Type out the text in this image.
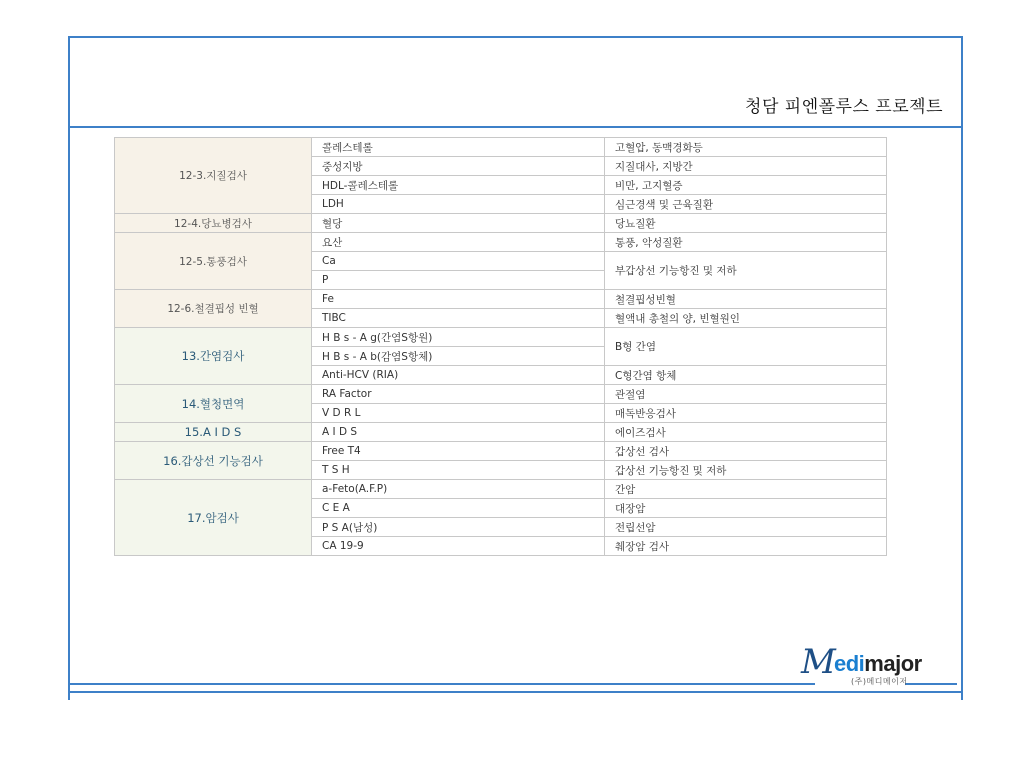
청담 피엔폴루스 프로젝트
M
edimajor
(주)메디메이저
12-3.지질검사	콜레스테롤	고혈압, 동맥경화등
	중성지방	지질대사, 지방간
	HDL-콜레스테롤	비만, 고지혈증
	LDH	심근경색 및 근육질환
12-4.당뇨병검사	혈당	당뇨질환
12-5.통풍검사	요산	통풍, 악성질환
	Ca	부갑상선 기능항진 및 저하
	P	
12-6.철결핍성 빈혈	Fe	철결핍성빈혈
	TIBC	혈액내 총철의 양, 빈혈원인
13.간염검사	H B s - A g(간염S항원)	B형 간염
	H B s - A b(감염S항체)	
	Anti-HCV (RIA)	C형간염 항체
14.혈청면역	RA Factor	관절염
	V D R L	매독반응검사
15.A I D S	A I D S	에이즈검사
16.갑상선 기능검사	Free T4	갑상선 검사
	T S H	갑상선 기능항진 및 저하
17.암검사	a-Feto(A.F.P)	간암
	C E A	대장암
	P S A(남성)	전립선암
	CA 19-9	췌장암 검사
